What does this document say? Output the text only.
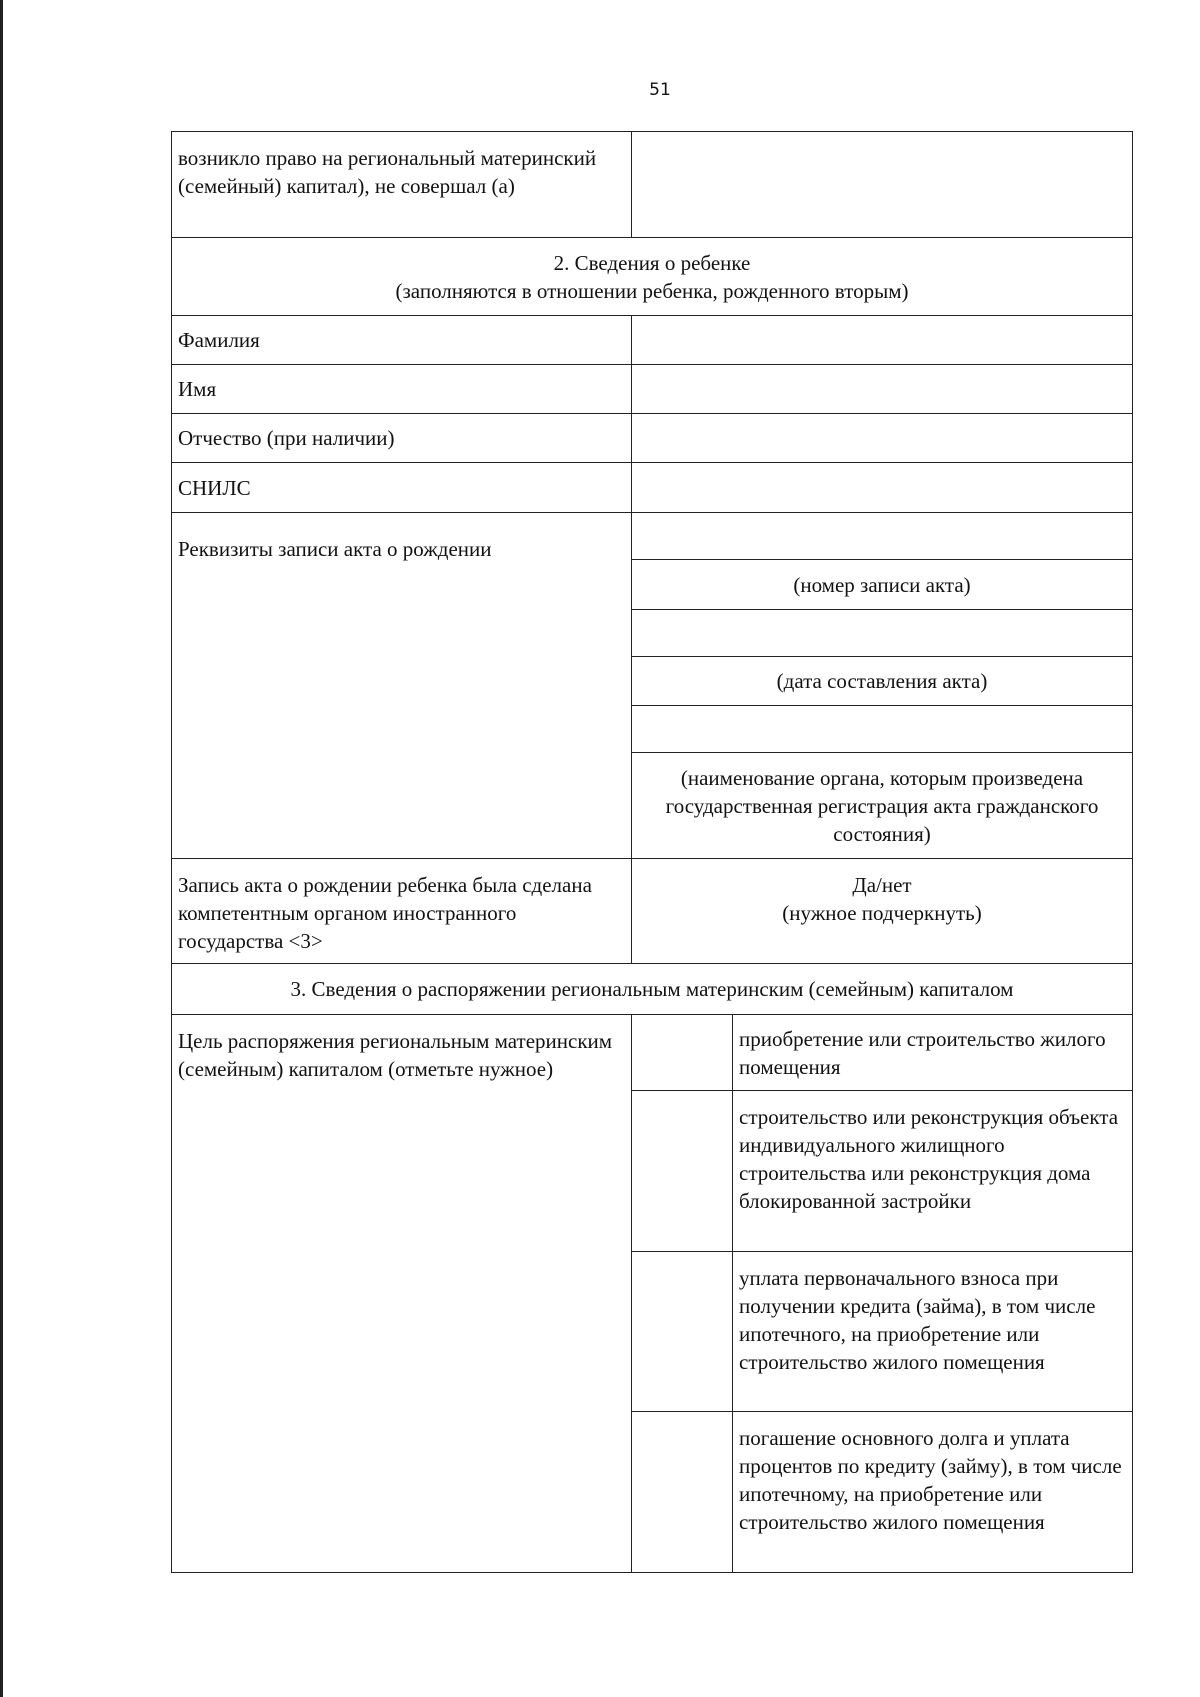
51
возникло право на региональный материнский (семейный) капитал), не совершал (а)		

2. Сведения о ребенке
(заполняются в отношении ребенка, рожденного вторым)		

Фамилия		
Имя		
Отчество (при наличии)		
СНИЛС		
Реквизиты записи акта о рождении		
	(номер записи акта)	

	(дата составления акта)	

	(наименование органа, которым произведена государственная регистрация акта гражданского состояния)	
Запись акта о рождении ребенка была сделана компетентным органом иностранного государства <3>	Да/нет
(нужное подчеркнуть)	

3. Сведения о распоряжении региональным материнским (семейным) капиталом		
Цель распоряжения региональным материнским (семейным) капиталом (отметьте нужное)		приобретение или строительство жилого помещения
		строительство или реконструкция объекта индивидуального жилищного строительства или реконструкция дома блокированной застройки
		уплата первоначального взноса при получении кредита (займа), в том числе ипотечного, на приобретение или строительство жилого помещения
		погашение основного долга и уплата процентов по кредиту (займу), в том числе ипотечному, на приобретение или строительство жилого помещения
